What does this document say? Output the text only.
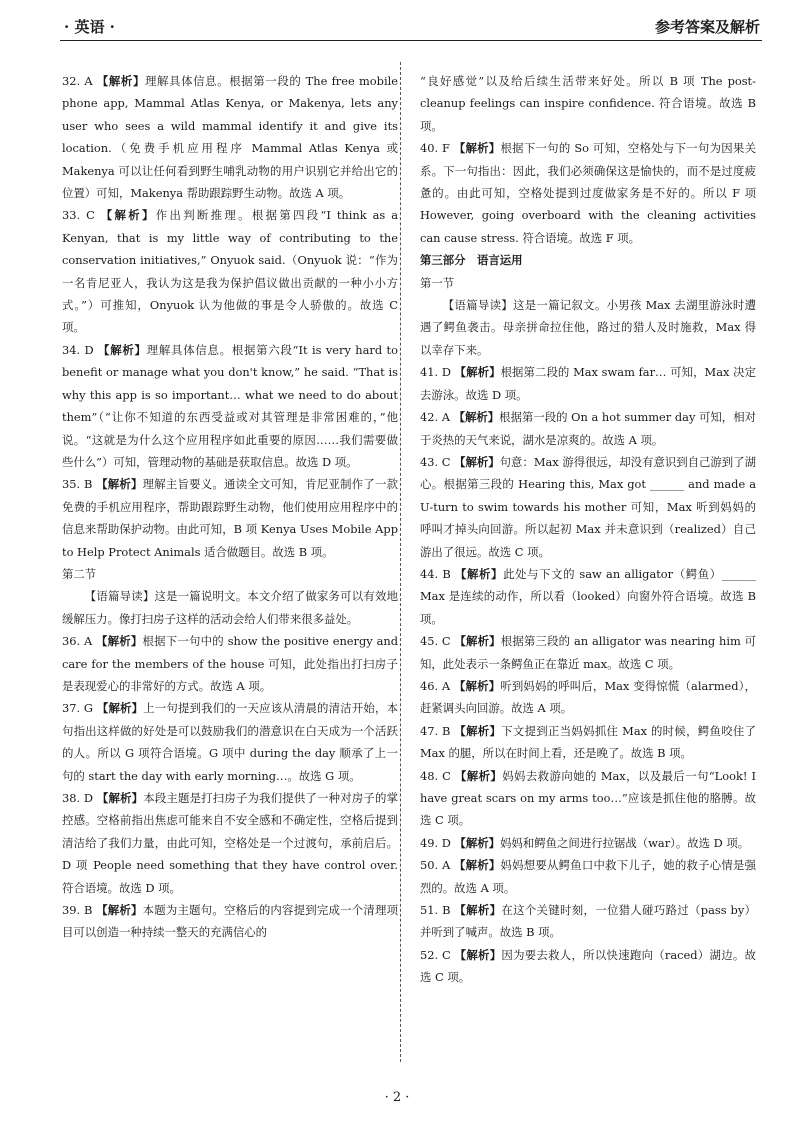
· 英语 ·	参考答案及解析

32. A 【解析】理解具体信息。根据第一段的 The free mobile phone app, Mammal Atlas Kenya, or Makenya, lets any user who sees a wild mammal identify it and give its location.（免费手机应用程序 Mammal Atlas Kenya 或 Makenya 可以让任何看到野生哺乳动物的用户识别它并给出它的位置）可知，Makenya 帮助跟踪野生动物。故选 A 项。

33. C 【解析】作出判断推理。根据第四段“I think as a Kenyan, that is my little way of contributing to the conservation initiatives,” Onyuok said.（Onyuok 说：“作为一名肯尼亚人，我认为这是我为保护倡议做出贡献的一种小小方式。”）可推知，Onyuok 认为他做的事是令人骄傲的。故选 C 项。

34. D 【解析】理解具体信息。根据第六段“It is very hard to benefit or manage what you don't know,” he said. “That is why this app is so important… what we need to do about them”（“让你不知道的东西受益或对其管理是非常困难的，”他说。“这就是为什么这个应用程序如此重要的原因……我们需要做些什么”）可知，管理动物的基础是获取信息。故选 D 项。

35. B 【解析】理解主旨要义。通读全文可知，肯尼亚制作了一款免费的手机应用程序，帮助跟踪野生动物，他们使用应用程序中的信息来帮助保护动物。由此可知，B 项 Kenya Uses Mobile App to Help Protect Animals 适合做题目。故选 B 项。

第二节

【语篇导读】这是一篇说明文。本文介绍了做家务可以有效地缓解压力。像打扫房子这样的活动会给人们带来很多益处。

36. A 【解析】根据下一句中的 show the positive energy and care for the members of the house 可知，此处指出打扫房子是表现爱心的非常好的方式。故选 A 项。

37. G 【解析】上一句提到我们的一天应该从清晨的清洁开始，本句指出这样做的好处是可以鼓励我们的潜意识在白天成为一个活跃的人。所以 G 项符合语境。G 项中 during the day 顺承了上一句的 start the day with early morning…。故选 G 项。

38. D 【解析】本段主题是打扫房子为我们提供了一种对房子的掌控感。空格前指出焦虑可能来自不安全感和不确定性，空格后提到清洁给了我们力量，由此可知，空格处是一个过渡句，承前启后。D 项 People need something that they have control over. 符合语境。故选 D 项。

39. B 【解析】本题为主题句。空格后的内容提到完成一个清理项目可以创造一种持续一整天的充满信心的

“良好感觉”以及给后续生活带来好处。所以 B 项 The post-cleanup feelings can inspire confidence. 符合语境。故选 B 项。

40. F 【解析】根据下一句的 So 可知，空格处与下一句为因果关系。下一句指出：因此，我们必须确保这是愉快的，而不是过度疲惫的。由此可知，空格处提到过度做家务是不好的。所以 F 项 However, going overboard with the cleaning activities can cause stress. 符合语境。故选 F 项。

第三部分　语言运用

第一节

【语篇导读】这是一篇记叙文。小男孩 Max 去湖里游泳时遭遇了鳄鱼袭击。母亲拼命拉住他，路过的猎人及时施救，Max 得以幸存下来。

41. D 【解析】根据第二段的 Max swam far… 可知，Max 决定去游泳。故选 D 项。

42. A 【解析】根据第一段的 On a hot summer day 可知，相对于炎热的天气来说，湖水是凉爽的。故选 A 项。

43. C 【解析】句意：Max 游得很远，却没有意识到自己游到了湖心。根据第三段的 Hearing this, Max got ______ and made a U-turn to swim towards his mother 可知，Max 听到妈妈的呼叫才掉头向回游。所以起初 Max 并未意识到（realized）自己游出了很远。故选 C 项。

44. B 【解析】此处与下文的 saw an alligator（鳄鱼）______ Max 是连续的动作，所以看（looked）向窗外符合语境。故选 B 项。

45. C 【解析】根据第三段的 an alligator was nearing him 可知，此处表示一条鳄鱼正在靠近 max。故选 C 项。

46. A 【解析】听到妈妈的呼叫后，Max 变得惊慌（alarmed），赶紧调头向回游。故选 A 项。

47. B 【解析】下文提到正当妈妈抓住 Max 的时候，鳄鱼咬住了 Max 的腿，所以在时间上看，还是晚了。故选 B 项。

48. C 【解析】妈妈去救游向她的 Max，以及最后一句“Look! I have great scars on my arms too…”应该是抓住他的胳膊。故选 C 项。

49. D 【解析】妈妈和鳄鱼之间进行拉锯战（war）。故选 D 项。

50. A 【解析】妈妈想要从鳄鱼口中救下儿子，她的救子心情是强烈的。故选 A 项。

51. B 【解析】在这个关键时刻，一位猎人碰巧路过（pass by）并听到了喊声。故选 B 项。

52. C 【解析】因为要去救人，所以快速跑向（raced）湖边。故选 C 项。

· 2 ·
